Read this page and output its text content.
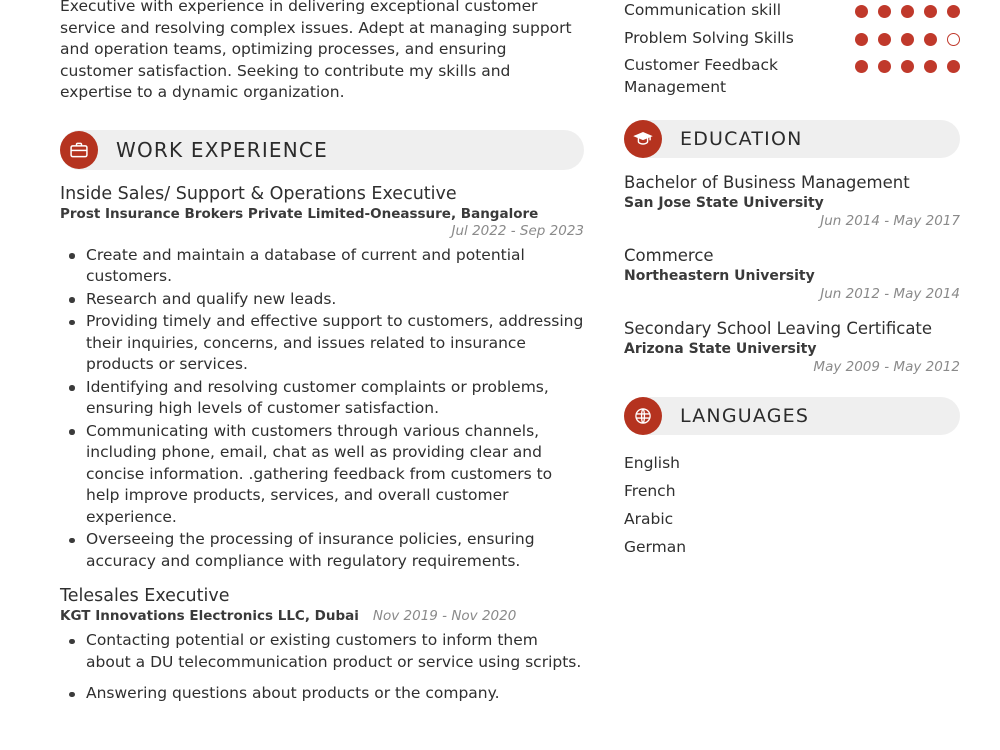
Executive with experience in delivering exceptional customer service and resolving complex issues. Adept at managing support and operation teams, optimizing processes, and ensuring customer satisfaction. Seeking to contribute my skills and expertise to a dynamic organization.

WORK EXPERIENCE
Inside Sales/ Support & Operations Executive
Prost Insurance Brokers Private Limited-Oneassure, Bangalore
Jul 2022 - Sep 2023
Create and maintain a database of current and potential customers.
Research and qualify new leads.
Providing timely and effective support to customers, addressing their inquiries, concerns, and issues related to insurance products or services.
Identifying and resolving customer complaints or problems, ensuring high levels of customer satisfaction.
Communicating with customers through various channels, including phone, email, chat as well as providing clear and concise information. .gathering feedback from customers to help improve products, services, and overall customer experience.
Overseeing the processing of insurance policies, ensuring accuracy and compliance with regulatory requirements.
Telesales Executive
KGT Innovations Electronics LLC, Dubai Nov 2019 - Nov 2020
Contacting potential or existing customers to inform them about a DU telecommunication product or service using scripts.
Answering questions about products or the company.
Communication skill
Problem Solving Skills
Customer Feedback Management
EDUCATION
Bachelor of Business Management
San Jose State University
Jun 2014 - May 2017
Commerce
Northeastern University
Jun 2012 - May 2014
Secondary School Leaving Certificate
Arizona State University
May 2009 - May 2012
LANGUAGES
English
French
Arabic
German
